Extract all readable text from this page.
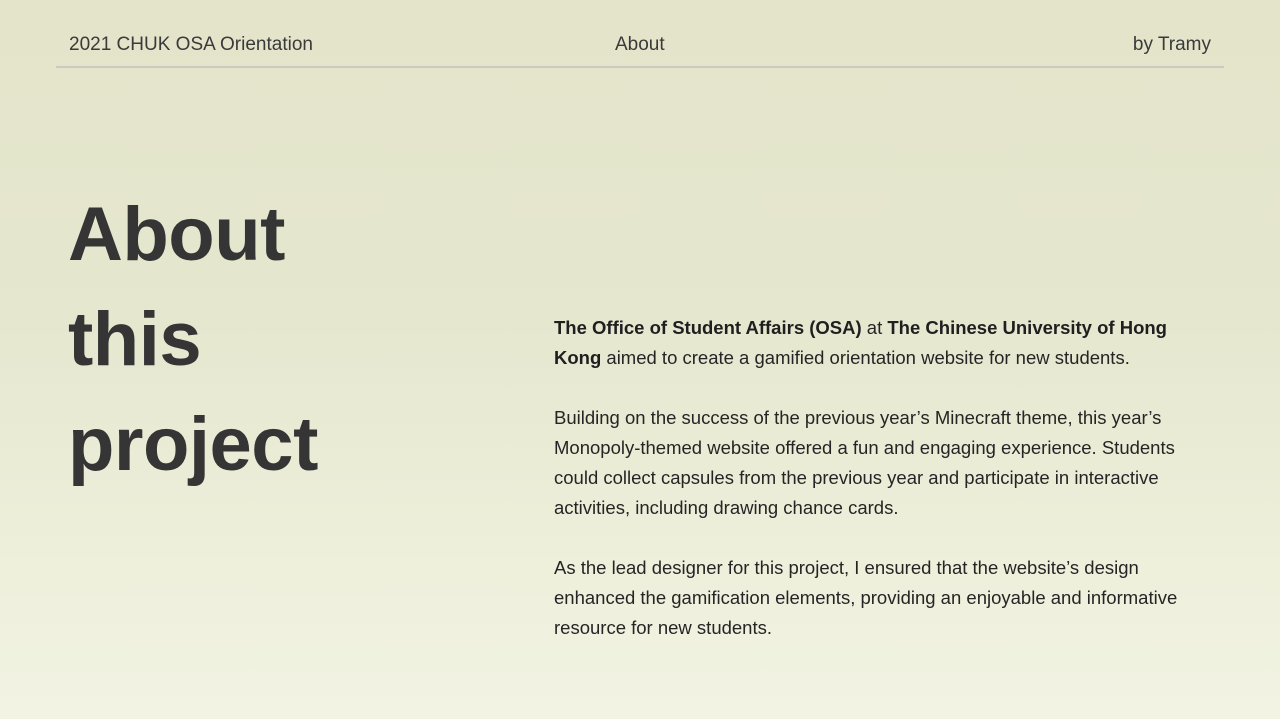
2021 CHUK OSA Orientation	About	by Tramy
About
this
project

The Office of Student Affairs (OSA) at The Chinese University of Hong Kong aimed to create a gamified orientation website for new students.

Building on the success of the previous year’s Minecraft theme, this year’s Monopoly-themed website offered a fun and engaging experience. Students could collect capsules from the previous year and participate in interactive activities, including drawing chance cards.

As the lead designer for this project, I ensured that the website’s design enhanced the gamification elements, providing an enjoyable and informative resource for new students.
